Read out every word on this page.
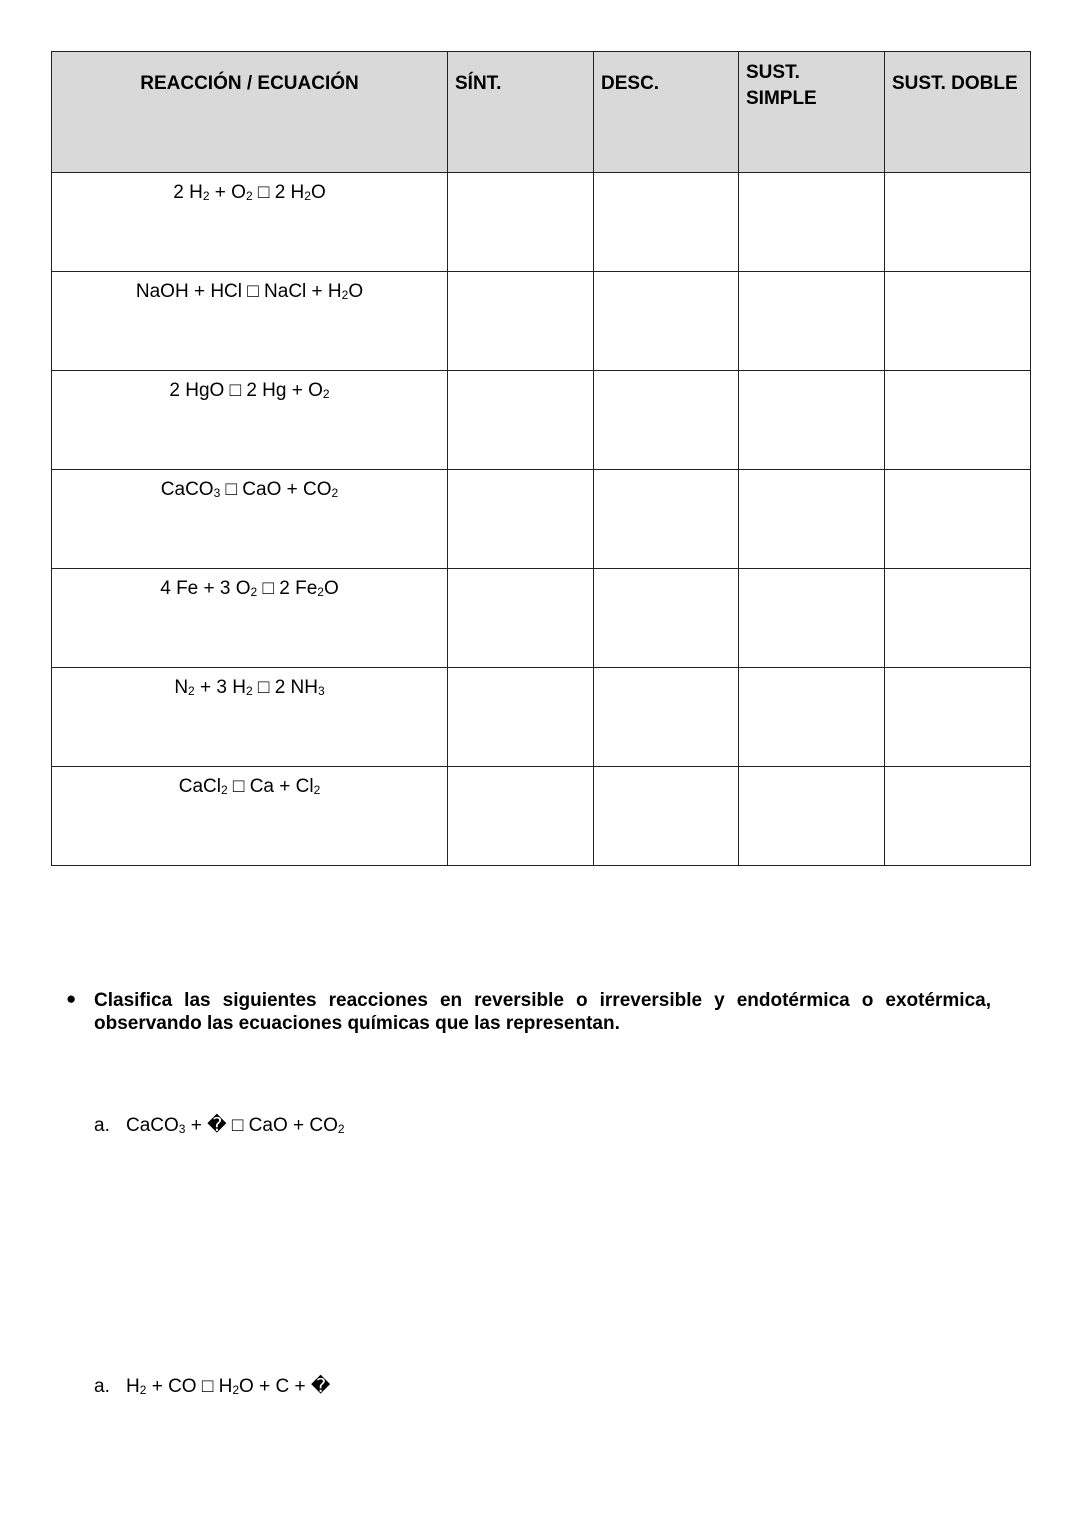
REACCIÓN / ECUACIÓN	SÍNT.	DESC.	SUST. SIMPLE	SUST. DOBLE

2 $H_2 + O_2$ □ 2 $H_2O$				
NaOH + HCl □ NaCl + $H_2O$				
2 HgO □ 2 $Hg + O_2$				
CaCO$_3$ □ CaO + $CO_2$				
4 Fe + 3 $O_2$ □ 2 $Fe_2O$				
$N_2 + 3$ $H_2$ □ 2 $NH_3$				
CaCl$_2$ □ $Ca + Cl_2$				
● Clasifica las siguientes reacciones en reversible o irreversible y endotérmica o exotérmica, observando las ecuaciones químicas que las representan.
a. CaCO$_3$ + � □ CaO + $CO_2$
a. $H_2$ + CO □ $H_2O + C$ + �
